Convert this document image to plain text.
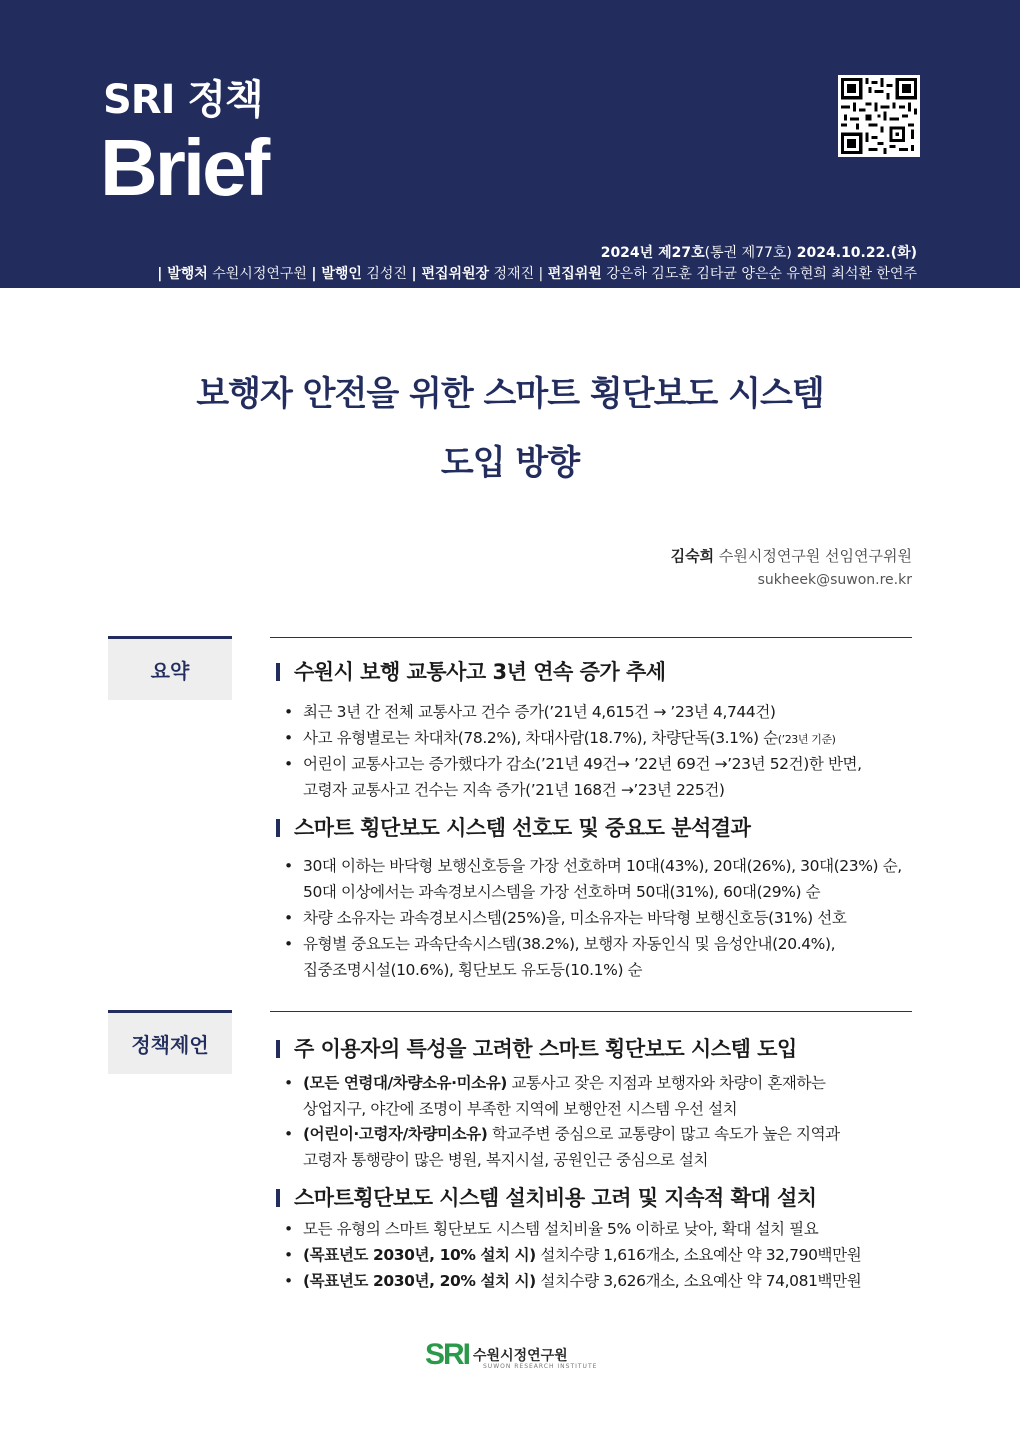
SRI 정책
Brief
2024년 제27호(통권 제77호) 2024.10.22.(화)
| 발행처 수원시정연구원 | 발행인 김성진 | 편집위원장 정재진 | 편집위원 강은하 김도훈 김타균 양은순 유현희 최석환 한연주
보행자 안전을 위한 스마트 횡단보도 시스템
도입 방향
김숙희 수원시정연구원 선임연구위원
sukheek@suwon.re.kr
요약	수원시 보행 교통사고 3년 연속 증가 추세
• 최근 3년 간 전체 교통사고 건수 증가(’21년 4,615건 → ’23년 4,744건)
• 사고 유형별로는 차대차(78.2%), 차대사람(18.7%), 차량단독(3.1%) 순(’23년 기준)
• 어린이 교통사고는 증가했다가 감소(’21년 49건→ ’22년 69건 →’23년 52건)한 반면,
고령자 교통사고 건수는 지속 증가(’21년 168건 →’23년 225건)
스마트 횡단보도 시스템 선호도 및 중요도 분석결과
• 30대 이하는 바닥형 보행신호등을 가장 선호하며 10대(43%), 20대(26%), 30대(23%) 순,
50대 이상에서는 과속경보시스템을 가장 선호하며 50대(31%), 60대(29%) 순
• 차량 소유자는 과속경보시스템(25%)을, 미소유자는 바닥형 보행신호등(31%) 선호
• 유형별 중요도는 과속단속시스템(38.2%), 보행자 자동인식 및 음성안내(20.4%),
집중조명시설(10.6%), 횡단보도 유도등(10.1%) 순
정책제언	주 이용자의 특성을 고려한 스마트 횡단보도 시스템 도입
• (모든 연령대/차량소유·미소유) 교통사고 잦은 지점과 보행자와 차량이 혼재하는
상업지구, 야간에 조명이 부족한 지역에 보행안전 시스템 우선 설치
• (어린이·고령자/차량미소유) 학교주변 중심으로 교통량이 많고 속도가 높은 지역과
고령자 통행량이 많은 병원, 복지시설, 공원인근 중심으로 설치
스마트횡단보도 시스템 설치비용 고려 및 지속적 확대 설치
• 모든 유형의 스마트 횡단보도 시스템 설치비율 5% 이하로 낮아, 확대 설치 필요
• (목표년도 2030년, 10% 설치 시) 설치수량 1,616개소, 소요예산 약 32,790백만원
• (목표년도 2030년, 20% 설치 시) 설치수량 3,626개소, 소요예산 약 74,081백만원
SRI 수원시정연구원
SUWON RESEARCH INSTITUTE
